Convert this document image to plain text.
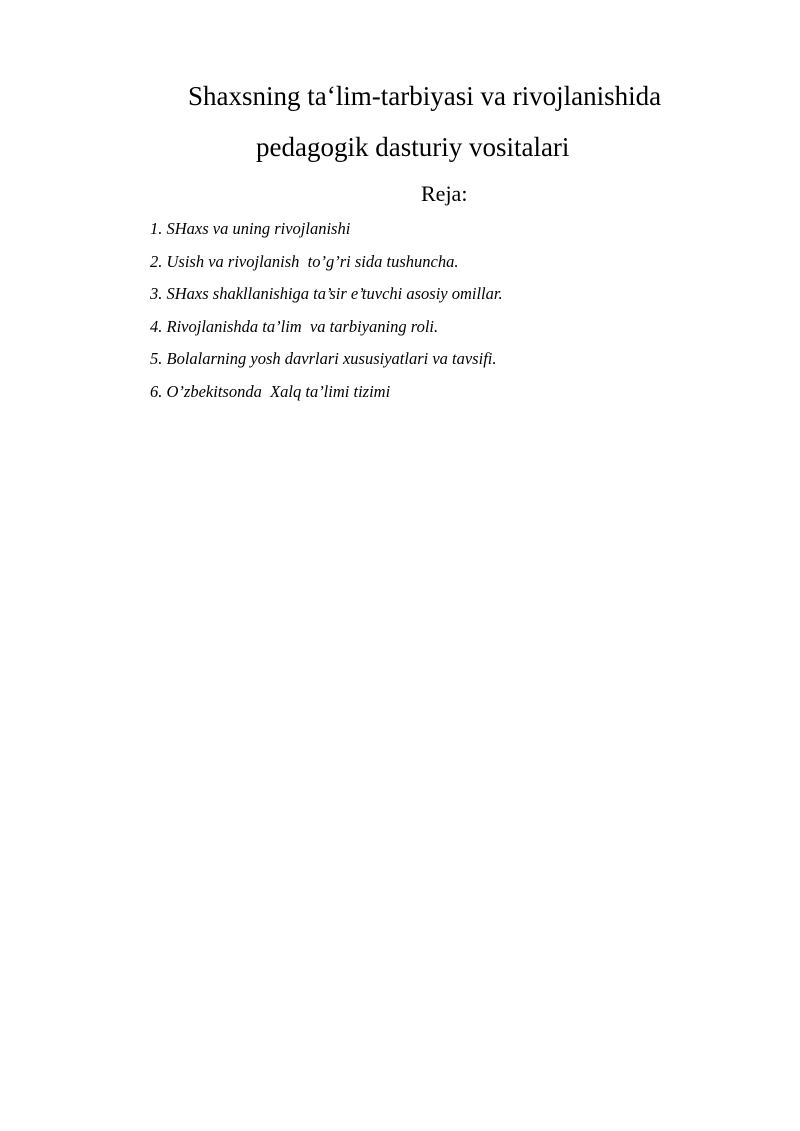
Shaxsning ta‘lim-tarbiyasi va rivojlanishida
pedagogik dasturiy vositalari
Reja:
1. SHaxs va uning rivojlanishi
2. Usish va rivojlanish  to’g’ri sida tushuncha.
3. SHaxs shakllanishiga ta’sir e’tuvchi asosiy omillar.
4. Rivojlanishda ta’lim  va tarbiyaning roli.
5. Bolalarning yosh davrlari xususiyatlari va tavsifi.
6. O’zbekitsonda  Xalq ta’limi tizimi
